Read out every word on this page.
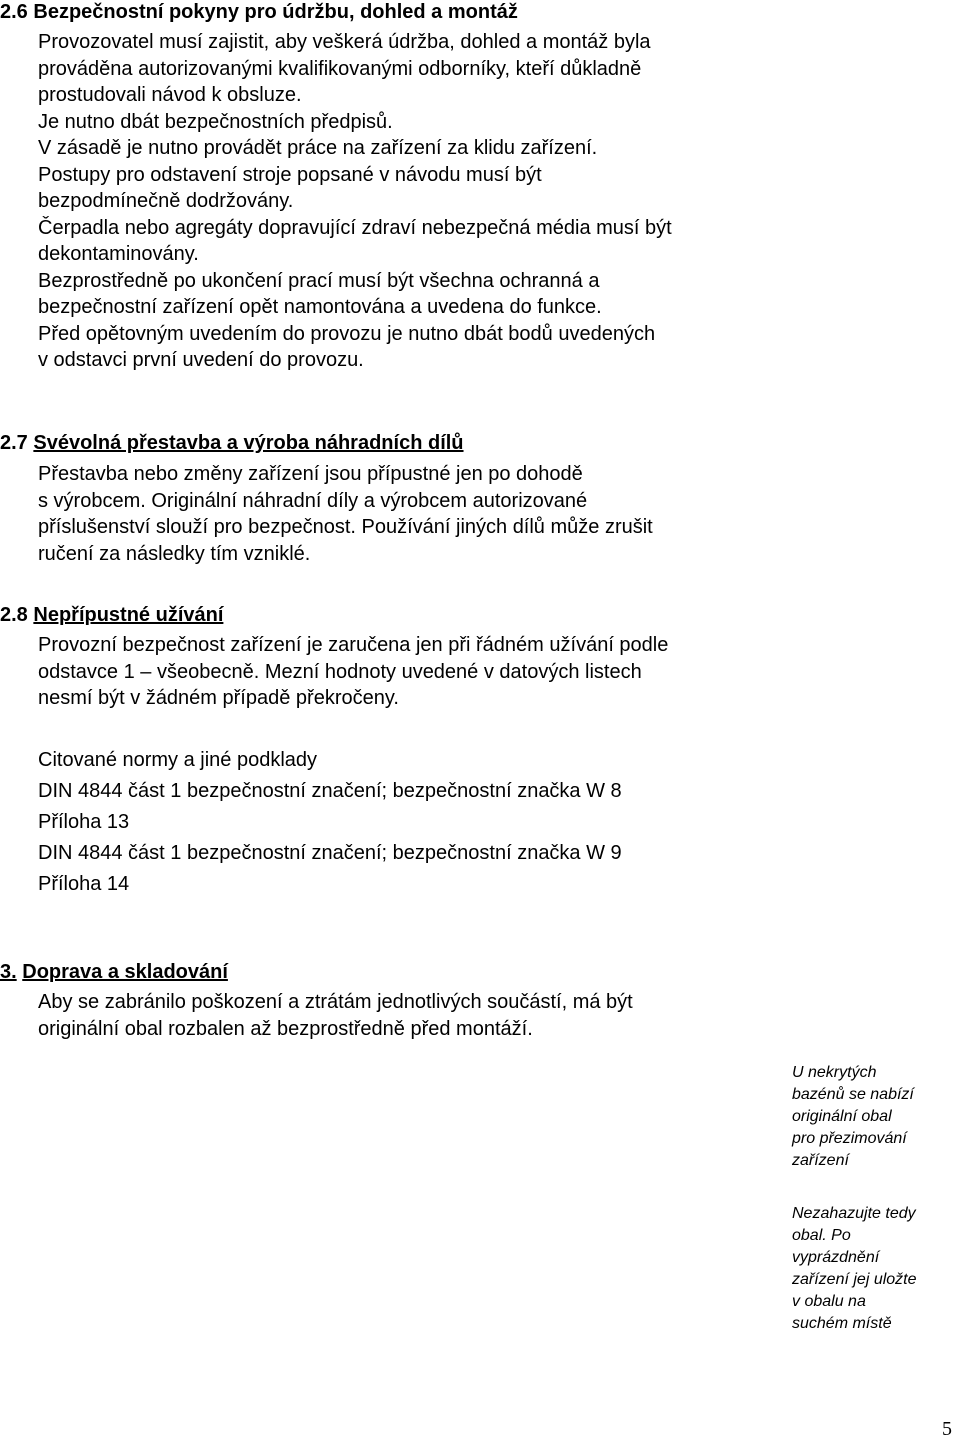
2.6 Bezpečnostní pokyny pro údržbu, dohled a montáž
Provozovatel musí zajistit, aby veškerá údržba, dohled a montáž byla
prováděna autorizovanými kvalifikovanými odborníky, kteří důkladně
prostudovali návod k obsluze.
Je nutno dbát bezpečnostních předpisů.
V zásadě je nutno provádět práce na zařízení za klidu zařízení.
Postupy pro odstavení stroje popsané v návodu musí být
bezpodmínečně dodržovány.
Čerpadla nebo agregáty dopravující zdraví nebezpečná média musí být
dekontaminovány.
Bezprostředně po ukončení prací musí být všechna ochranná a
bezpečnostní zařízení opět namontována a uvedena do funkce.
Před opětovným uvedením do provozu je nutno dbát bodů uvedených
v odstavci první uvedení do provozu.
2.7 Svévolná přestavba a výroba náhradních dílů
Přestavba nebo změny zařízení jsou přípustné jen po dohodě
s výrobcem. Originální náhradní díly a výrobcem autorizované
příslušenství slouží pro bezpečnost. Používání jiných dílů může zrušit
ručení za následky tím vzniklé.
2.8 Nepřípustné užívání
Provozní bezpečnost zařízení je zaručena jen při řádném užívání podle
odstavce 1 – všeobecně. Mezní hodnoty uvedené v datových listech
nesmí být v žádném případě překročeny.
Citované normy a jiné podklady
DIN 4844 část 1 bezpečnostní značení; bezpečnostní značka W 8
Příloha 13
DIN 4844 část 1 bezpečnostní značení; bezpečnostní značka W 9
Příloha 14
3. Doprava a skladování
Aby se zabránilo poškození a ztrátám jednotlivých součástí, má být
originální obal rozbalen až bezprostředně před montáží.
U nekrytých
bazénů se nabízí
originální obal
pro přezimování
zařízení
Nezahazujte tedy
obal. Po
vyprázdnění
zařízení jej uložte
v obalu na
suchém místě
5
